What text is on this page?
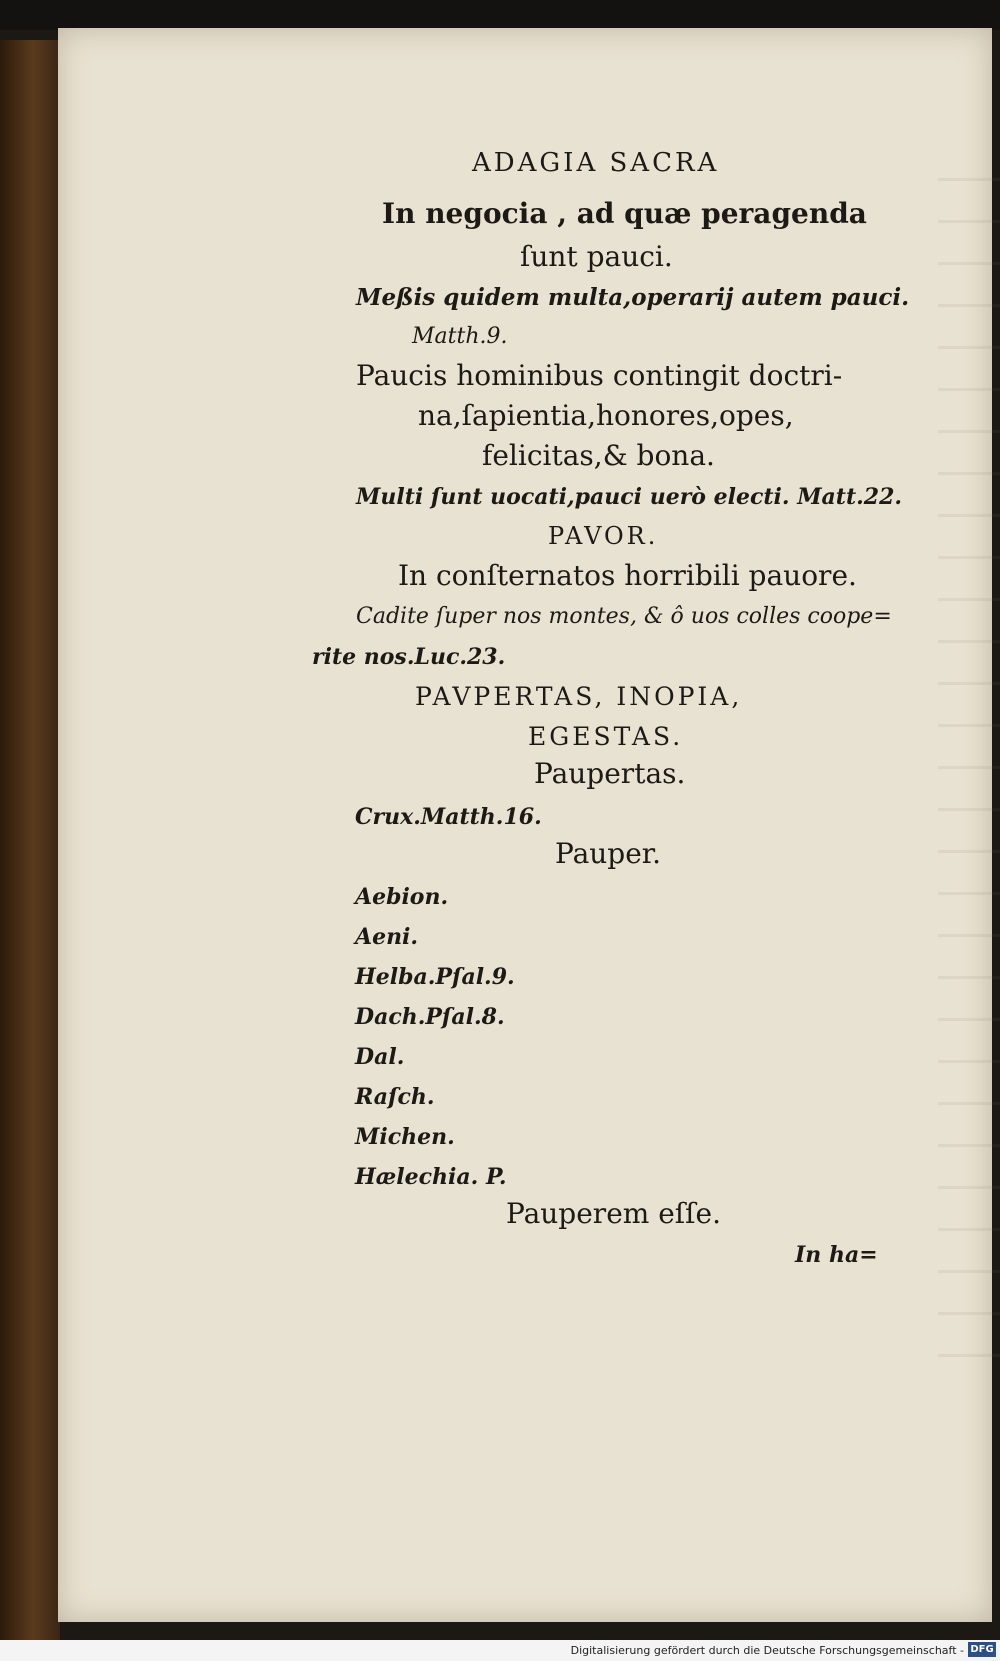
ADAGIA SACRA
In negocia , ad quæ peragenda
ſunt pauci.
Meßis quidem multa,operarij autem pauci.
Matth.9.
Paucis hominibus contingit doctri-
na,ſapientia,honores,opes,
felicitas,& bona.
Multi ſunt uocati,pauci uerò electi. Matt.22.
PAVOR.
In conſternatos horribili pauore.
Cadite ſuper nos montes, & ô uos colles coope=
rite nos.Luc.23.
PAVPERTAS, INOPIA,
EGESTAS.
Paupertas.
Crux.Matth.16.
Pauper.
Aebion.
Aeni.
Helba.Pſal.9.
Dach.Pſal.8.
Dal.
Raſch.
Michen.
Hælechia. P.
Pauperem eſſe.
In ha=
Digitalisierung gefördert durch die Deutsche Forschungsgemeinschaft - DFG
